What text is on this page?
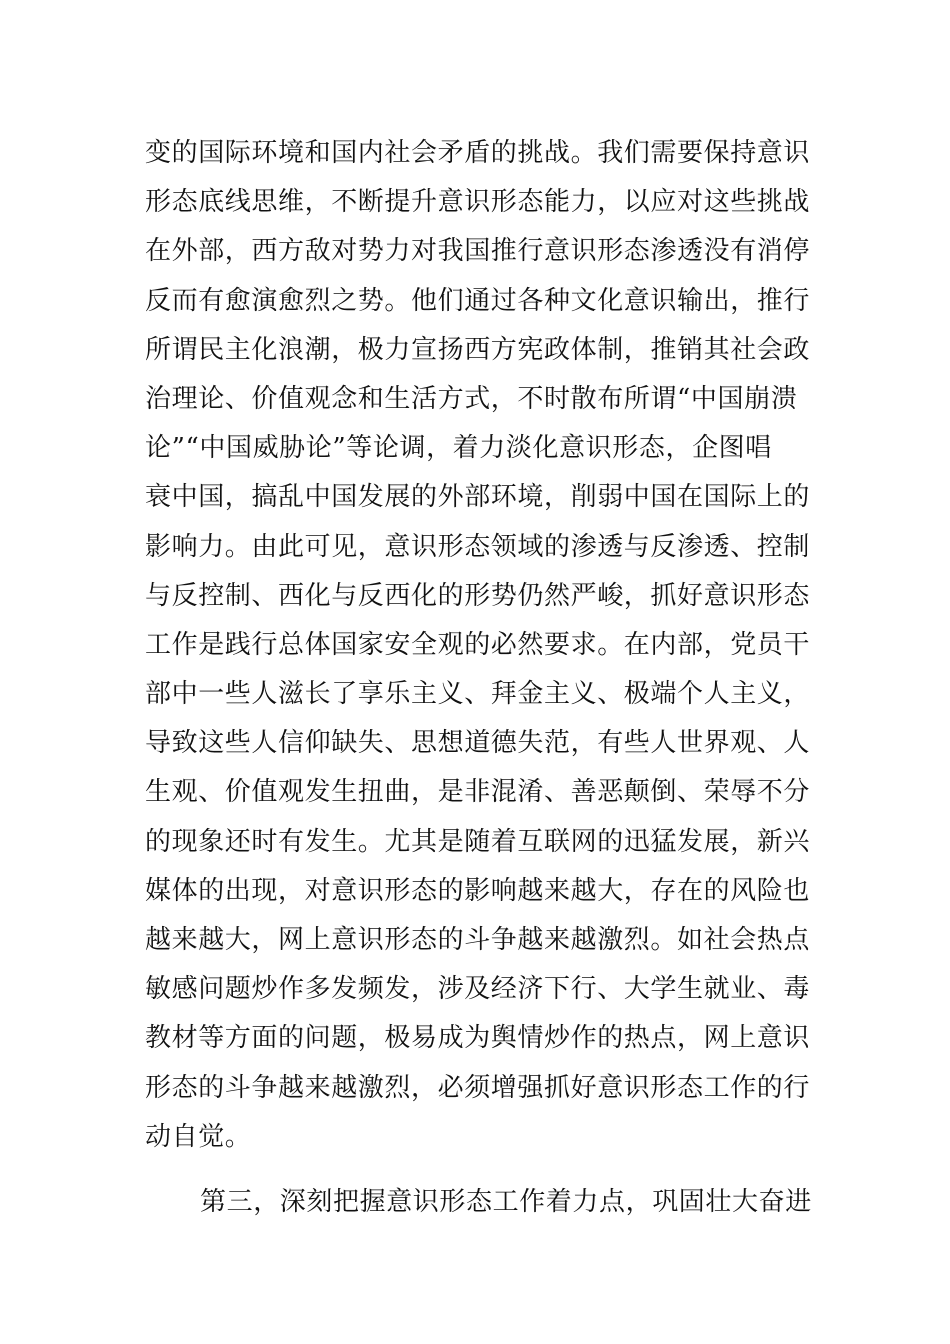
变的国际环境和国内社会矛盾的挑战。我们需要保持意识
形态底线思维，不断提升意识形态能力，以应对这些挑战
在外部，西方敌对势力对我国推行意识形态渗透没有消停
反而有愈演愈烈之势。他们通过各种文化意识输出，推行
所谓民主化浪潮，极力宣扬西方宪政体制，推销其社会政
治理论、价值观念和生活方式，不时散布所谓“中国崩溃
论”“中国威胁论”等论调，着力淡化意识形态，企图唱
衰中国，搞乱中国发展的外部环境，削弱中国在国际上的
影响力。由此可见，意识形态领域的渗透与反渗透、控制
与反控制、西化与反西化的形势仍然严峻，抓好意识形态
工作是践行总体国家安全观的必然要求。在内部，党员干
部中一些人滋长了享乐主义、拜金主义、极端个人主义，
导致这些人信仰缺失、思想道德失范，有些人世界观、人
生观、价值观发生扭曲，是非混淆、善恶颠倒、荣辱不分
的现象还时有发生。尤其是随着互联网的迅猛发展，新兴
媒体的出现，对意识形态的影响越来越大，存在的风险也
越来越大，网上意识形态的斗争越来越激烈。如社会热点
敏感问题炒作多发频发，涉及经济下行、大学生就业、毒
教材等方面的问题，极易成为舆情炒作的热点，网上意识
形态的斗争越来越激烈，必须增强抓好意识形态工作的行
动自觉。
第三，深刻把握意识形态工作着力点，巩固壮大奋进
